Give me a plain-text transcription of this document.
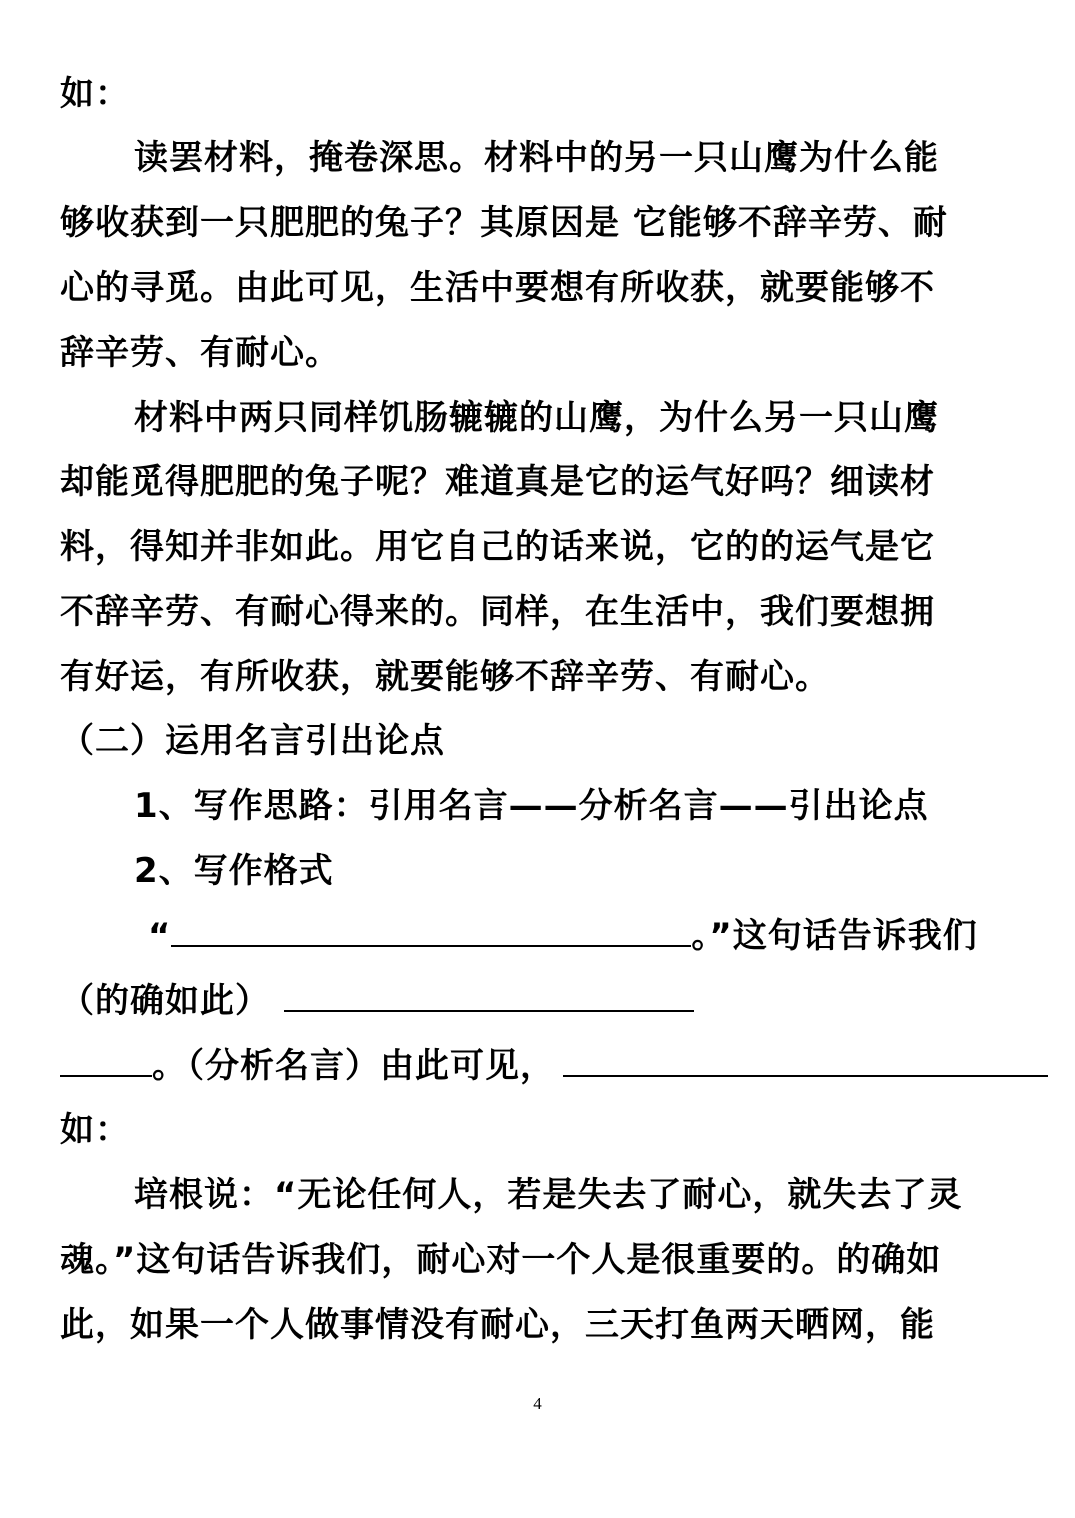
如：
读罢材料，掩卷深思。材料中的另一只山鹰为什么能
够收获到一只肥肥的兔子？其原因是 它能够不辞辛劳、耐
心的寻觅。由此可见，生活中要想有所收获，就要能够不
辞辛劳、有耐心。
材料中两只同样饥肠辘辘的山鹰，为什么另一只山鹰
却能觅得肥肥的兔子呢？难道真是它的运气好吗？细读材
料，得知并非如此。用它自己的话来说，它的的运气是它
不辞辛劳、有耐心得来的。同样，在生活中，我们要想拥
有好运，有所收获，就要能够不辞辛劳、有耐心。
（二）运用名言引出论点
1、写作思路：引用名言——分析名言——引出论点
2、写作格式
“	。”这句话告诉我们
（的确如此）
。（分析名言）由此可见，
如：
培根说：“无论任何人，若是失去了耐心，就失去了灵
魂。”这句话告诉我们，耐心对一个人是很重要的。的确如
此，如果一个人做事情没有耐心，三天打鱼两天晒网，能
4
